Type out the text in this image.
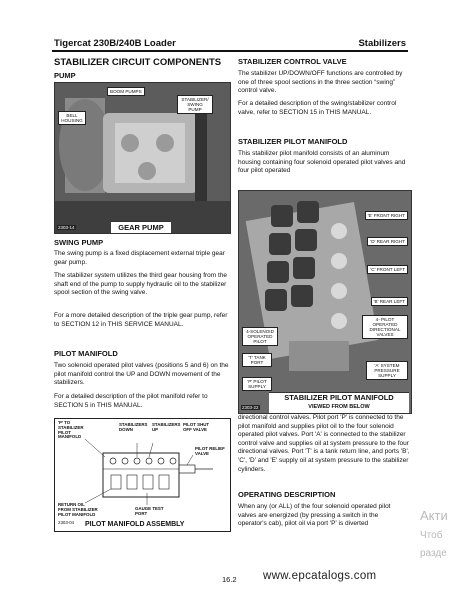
Tigercat 230B/240B Loader	Stabilizers
STABILIZER CIRCUIT COMPONENTS
PUMP
BOOM PUMPS
BELL HOUSING
STABILIZER/ SWING PUMP
2303-14	GEAR PUMP
SWING PUMP
The swing pump is a fixed displacement external triple gear gear pump.
The stabilizer system utilizes the third gear housing from the shaft end of the pump to supply hydraulic oil to the stabilizer spool section of the swing valve.
For a more detailed description of the triple gear pump, refer to SECTION 12 in THIS SERVICE MANUAL.
PILOT MANIFOLD
Two solenoid operated pilot valves (positions 5 and 6) on the pilot manifold control the UP and DOWN movement of the stabilizers.
For a detailed description of the pilot manifold refer to SECTION 5 in THIS MANUAL.
'P’ TO STABILIZER PILOT MANIFOLD
STABILIZERS DOWN
STABILIZERS UP
PILOT SHUT OFF VALVE
PILOT RELIEF VALVE
RETURN OIL FROM STABILIZER PILOT MANIFOLD
GAUGE TEST PORT
2303-04 PILOT MANIFOLD ASSEMBLY
STABILIZER CONTROL VALVE
The stabilizer UP/DOWN/OFF functions are controlled by one of three spool sections in the three section “swing” control valve.
For a detailed description of the swing/stabilizer control valve, refer to SECTION 15 in THIS MANUAL.
STABILIZER PILOT MANIFOLD
This stabilizer pilot manifold consists of an aluminum housing containing four solenoid operated pilot valves and four pilot operated
'E' FRONT RIGHT
'D' REAR RIGHT
'C' FRONT LEFT
'B' REAR LEFT
4-SOLENOID OPERATED PILOT
4- PILOT OPERATED DIRECTIONAL VALVES
'T' TANK PORT
'A' SYSTEM PRESSURE SUPPLY
'P' PILOT SUPPLY
2303-22
STABILIZER PILOT MANIFOLD
VIEWED FROM BELOW
directional control valves. Pilot port 'P' is connected to the pilot manifold and supplies pilot oil to the four solenoid operated pilot valves. Port 'A' is connected to the stabilizer control valve and supplies oil at system pressure to the four directional valves. Port 'T' is a tank return line, and ports 'B', 'C', 'D' and 'E' supply oil at system pressure to the stabilizer cylinders.
OPERATING DESCRIPTION
When any (or ALL) of the four solenoid operated pilot valves are energized (by pressing a switch in the operator's cab), pilot oil via port 'P' is diverted
16.2 www.epcatalogs.com
Акти
Чтоб
разде
